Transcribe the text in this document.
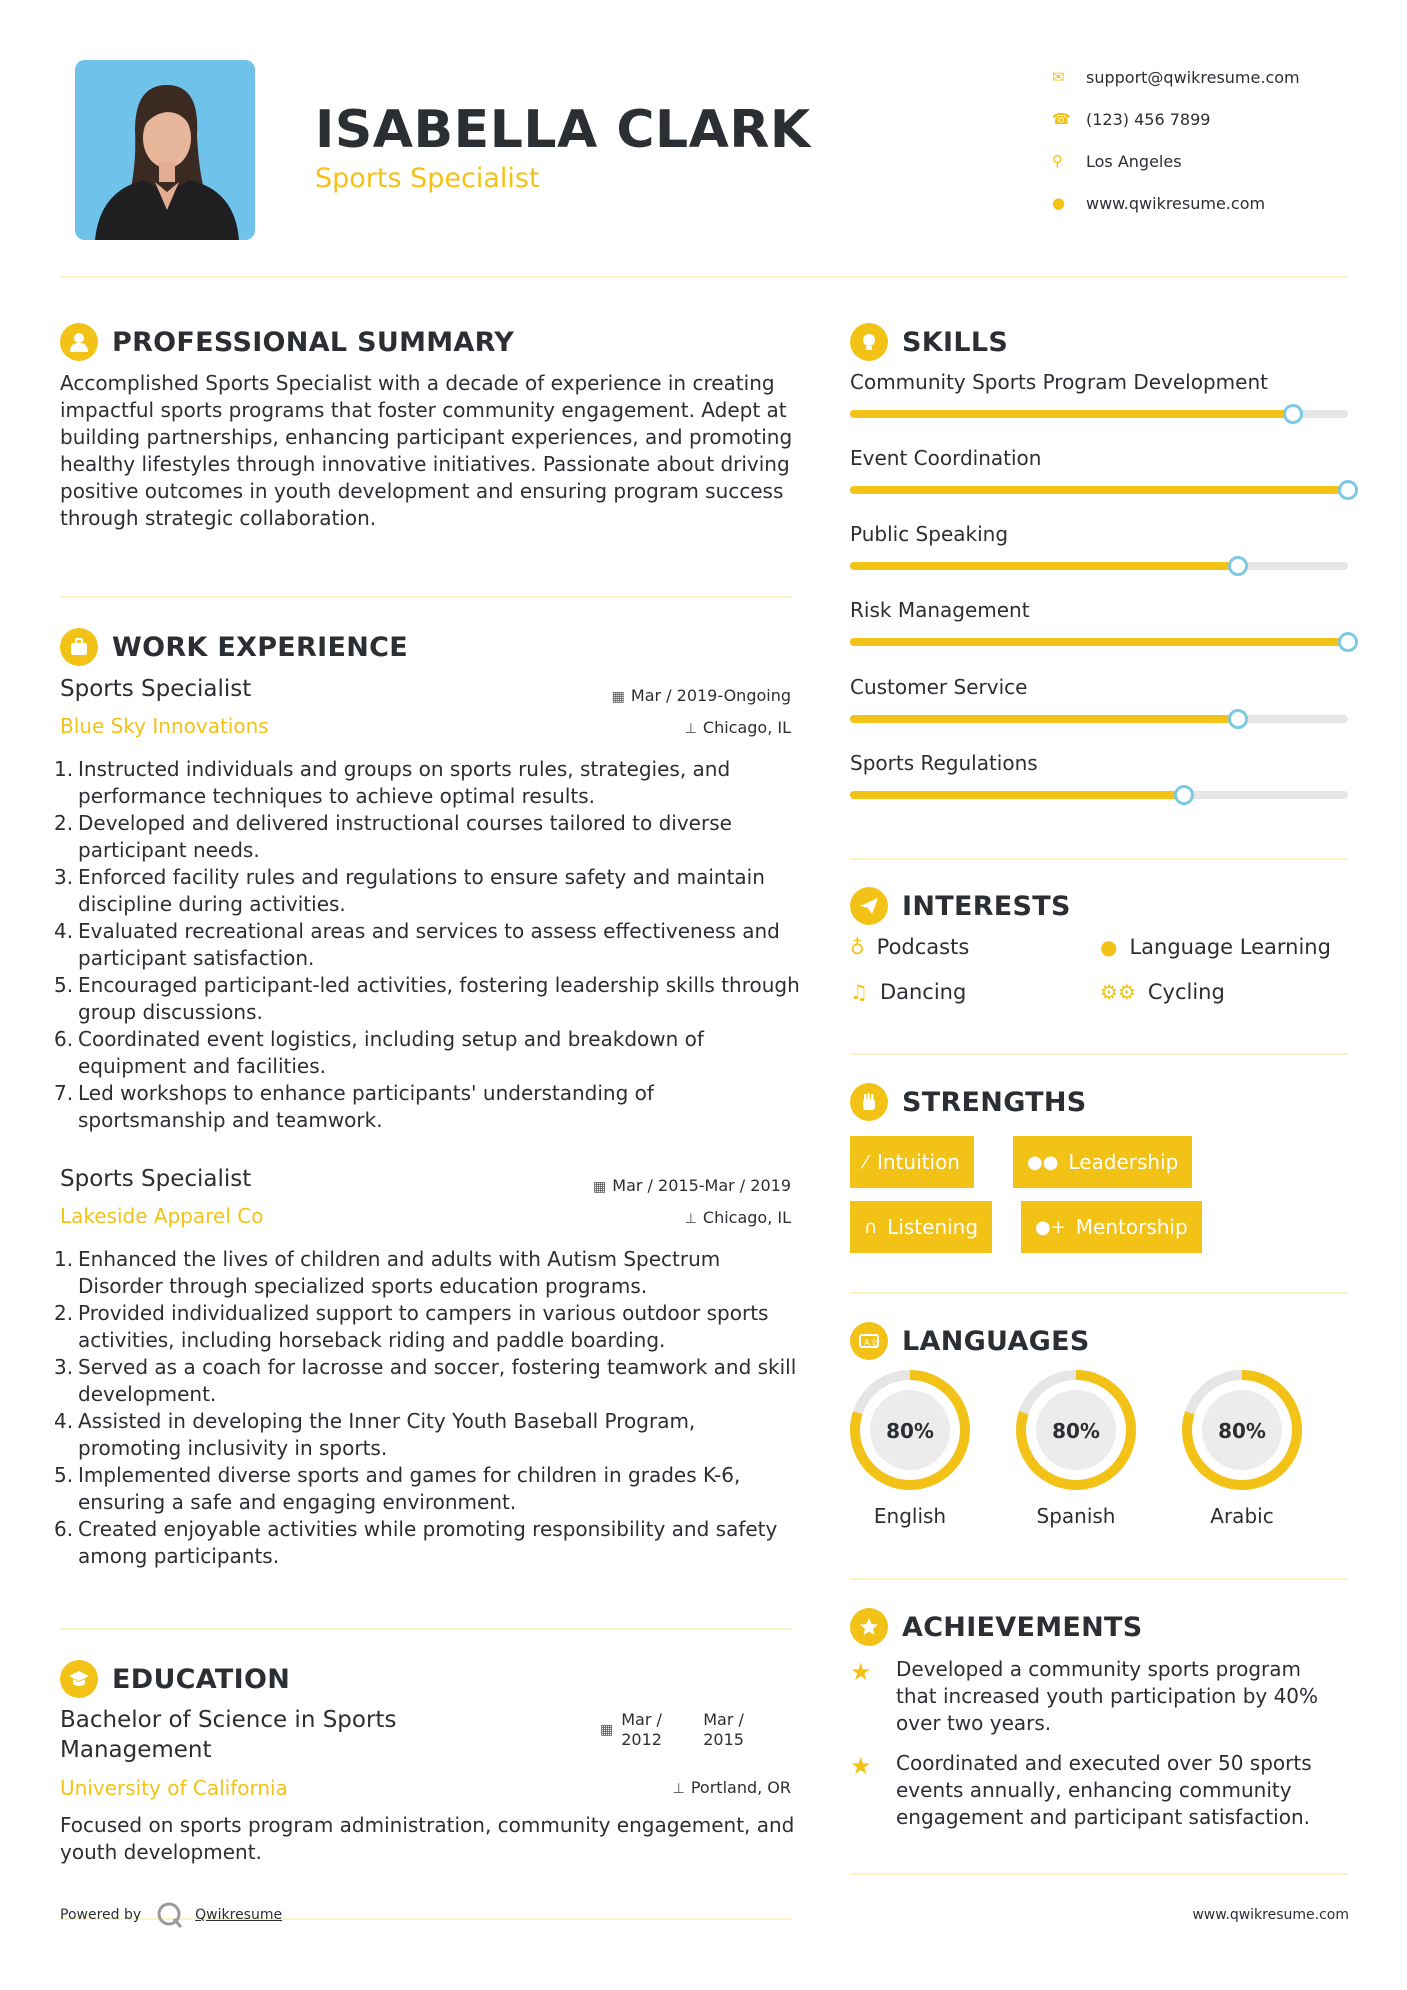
ISABELLA CLARK
Sports Specialist
✉	support@qwikresume.com
☎ (123) 456 7899
⚲	Los Angeles
●	www.qwikresume.com
PROFESSIONAL SUMMARY
Accomplished Sports Specialist with a decade of experience in creating impactful sports programs that foster community engagement. Adept at building partnerships, enhancing participant experiences, and promoting healthy lifestyles through innovative initiatives. Passionate about driving positive outcomes in youth development and ensuring program success through strategic collaboration.
WORK EXPERIENCE
Sports Specialist
Blue Sky Innovations
▦ Mar / 2019-Ongoing
⊥ Chicago, IL
1. Instructed individuals and groups on sports rules, strategies, and performance techniques to achieve optimal results.
2. Developed and delivered instructional courses tailored to diverse participant needs.
3. Enforced facility rules and regulations to ensure safety and maintain discipline during activities.
4. Evaluated recreational areas and services to assess effectiveness and participant satisfaction.
5. Encouraged participant-led activities, fostering leadership skills through group discussions.
6. Coordinated event logistics, including setup and breakdown of equipment and facilities.
7. Led workshops to enhance participants' understanding of sportsmanship and teamwork.
Sports Specialist
Lakeside Apparel Co
▦ Mar / 2015-Mar / 2019
⊥ Chicago, IL
1. Enhanced the lives of children and adults with Autism Spectrum Disorder through specialized sports education programs.
2. Provided individualized support to campers in various outdoor sports activities, including horseback riding and paddle boarding.
3. Served as a coach for lacrosse and soccer, fostering teamwork and skill development.
4. Assisted in developing the Inner City Youth Baseball Program, promoting inclusivity in sports.
5. Implemented diverse sports and games for children in grades K-6, ensuring a safe and engaging environment.
6. Created enjoyable activities while promoting responsibility and safety among participants.
EDUCATION
Bachelor of Science in Sports
Management
University of California
▦
Mar /
2012
Mar /
2015
⊥ Portland, OR
Focused on sports program administration, community engagement, and youth development.
SKILLS
Community Sports Program Development
Event Coordination
Public Speaking
Risk Management
Customer Service
Sports Regulations
INTERESTS
♁ Podcasts	● Language Learning
♫ Dancing	⚙⚙ Cycling
STRENGTHS
⁄ Intuition	●● Leadership
∩ Listening	●+ Mentorship
A 文 LANGUAGES
80%
English
80%
Spanish
80%
Arabic
ACHIEVEMENTS
★	Developed a community sports program that increased youth participation by 40% over two years.
★	Coordinated and executed over 50 sports events annually, enhancing community engagement and participant satisfaction.
Powered by	Qwikresume	www.qwikresume.com
